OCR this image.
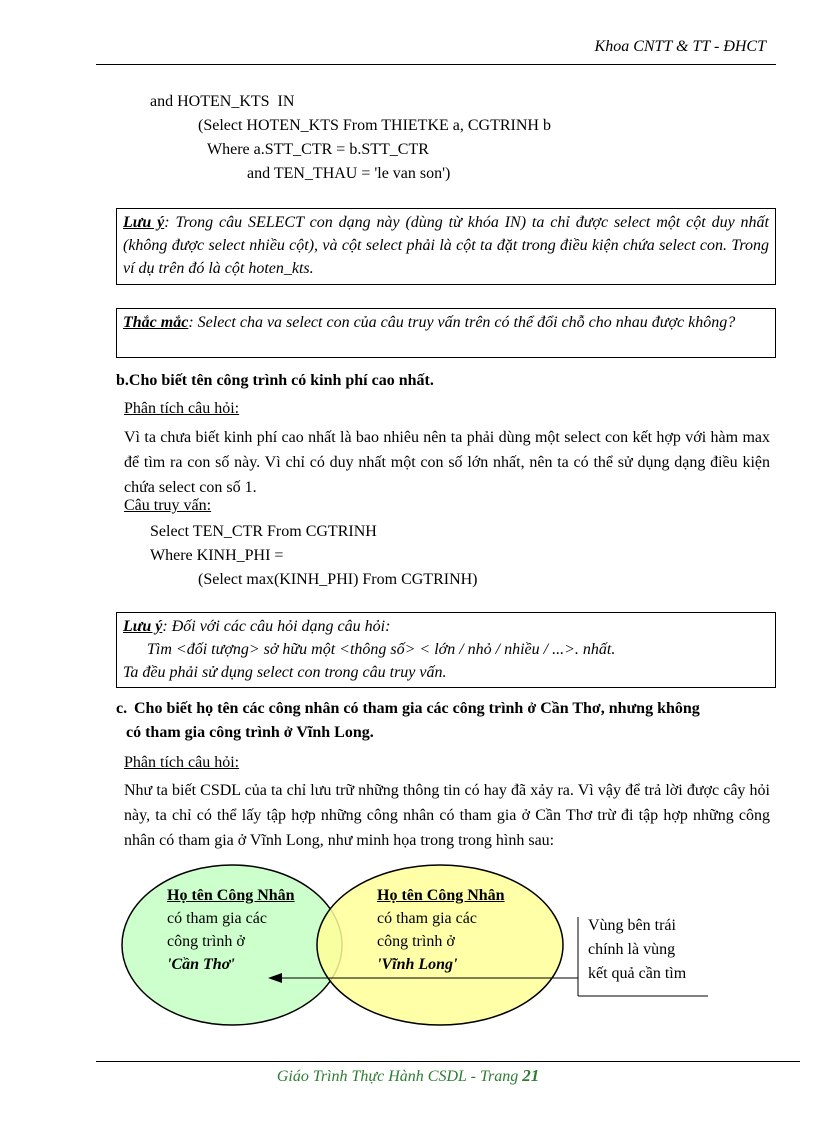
Khoa CNTT & TT - ĐHCT
and HOTEN_KTS  IN
(Select HOTEN_KTS From THIETKE a, CGTRINH b
Where a.STT_CTR = b.STT_CTR
and TEN_THAU = 'le van son')
Lưu ý: Trong câu SELECT con dạng này (dùng từ khóa IN) ta chỉ được select một cột duy nhất (không được select nhiều cột), và cột select phải là cột ta đặt trong điều kiện chứa select con. Trong ví dụ trên đó là cột hoten_kts.
Thắc mắc: Select cha va select con của câu truy vấn trên có thể đổi chỗ cho nhau được không?
b.Cho biết tên công trình có kinh phí cao nhất.
Phân tích câu hỏi:
Vì ta chưa biết kinh phí cao nhất là bao nhiêu nên ta phải dùng một select con kết hợp với hàm max để tìm ra con số này. Vì chỉ có duy nhất một con số lớn nhất, nên ta có thể sử dụng dạng điều kiện chứa select con số 1.
Câu truy vấn:
Select TEN_CTR From CGTRINH
Where KINH_PHI =
(Select max(KINH_PHI) From CGTRINH)
Lưu ý: Đối với các câu hỏi dạng câu hỏi:
Tìm <đối tượng> sở hữu một <thông số> < lớn / nhỏ / nhiều / ...>. nhất.
Ta đều phải sử dụng select con trong câu truy vấn.
c. Cho biết họ tên các công nhân có tham gia các công trình ở Cần Thơ, nhưng không
có tham gia công trình ở Vĩnh Long.
Phân tích câu hỏi:
Như ta biết CSDL của ta chỉ lưu trữ những thông tin có hay đã xảy ra. Vì vậy để trả lời được cây hỏi này, ta chỉ có thể lấy tập hợp những công nhân có tham gia ở Cần Thơ trừ đi tập hợp những công nhân có tham gia ở Vĩnh Long, như minh họa trong trong hình sau:
Họ tên Công Nhân
có tham gia các
công trình ở
'Cần Thơ'
Họ tên Công Nhân
có tham gia các
công trình ở
'Vĩnh Long'
Vùng bên trái
chính là vùng
kết quả cần tìm
Giáo Trình Thực Hành CSDL - Trang 21
